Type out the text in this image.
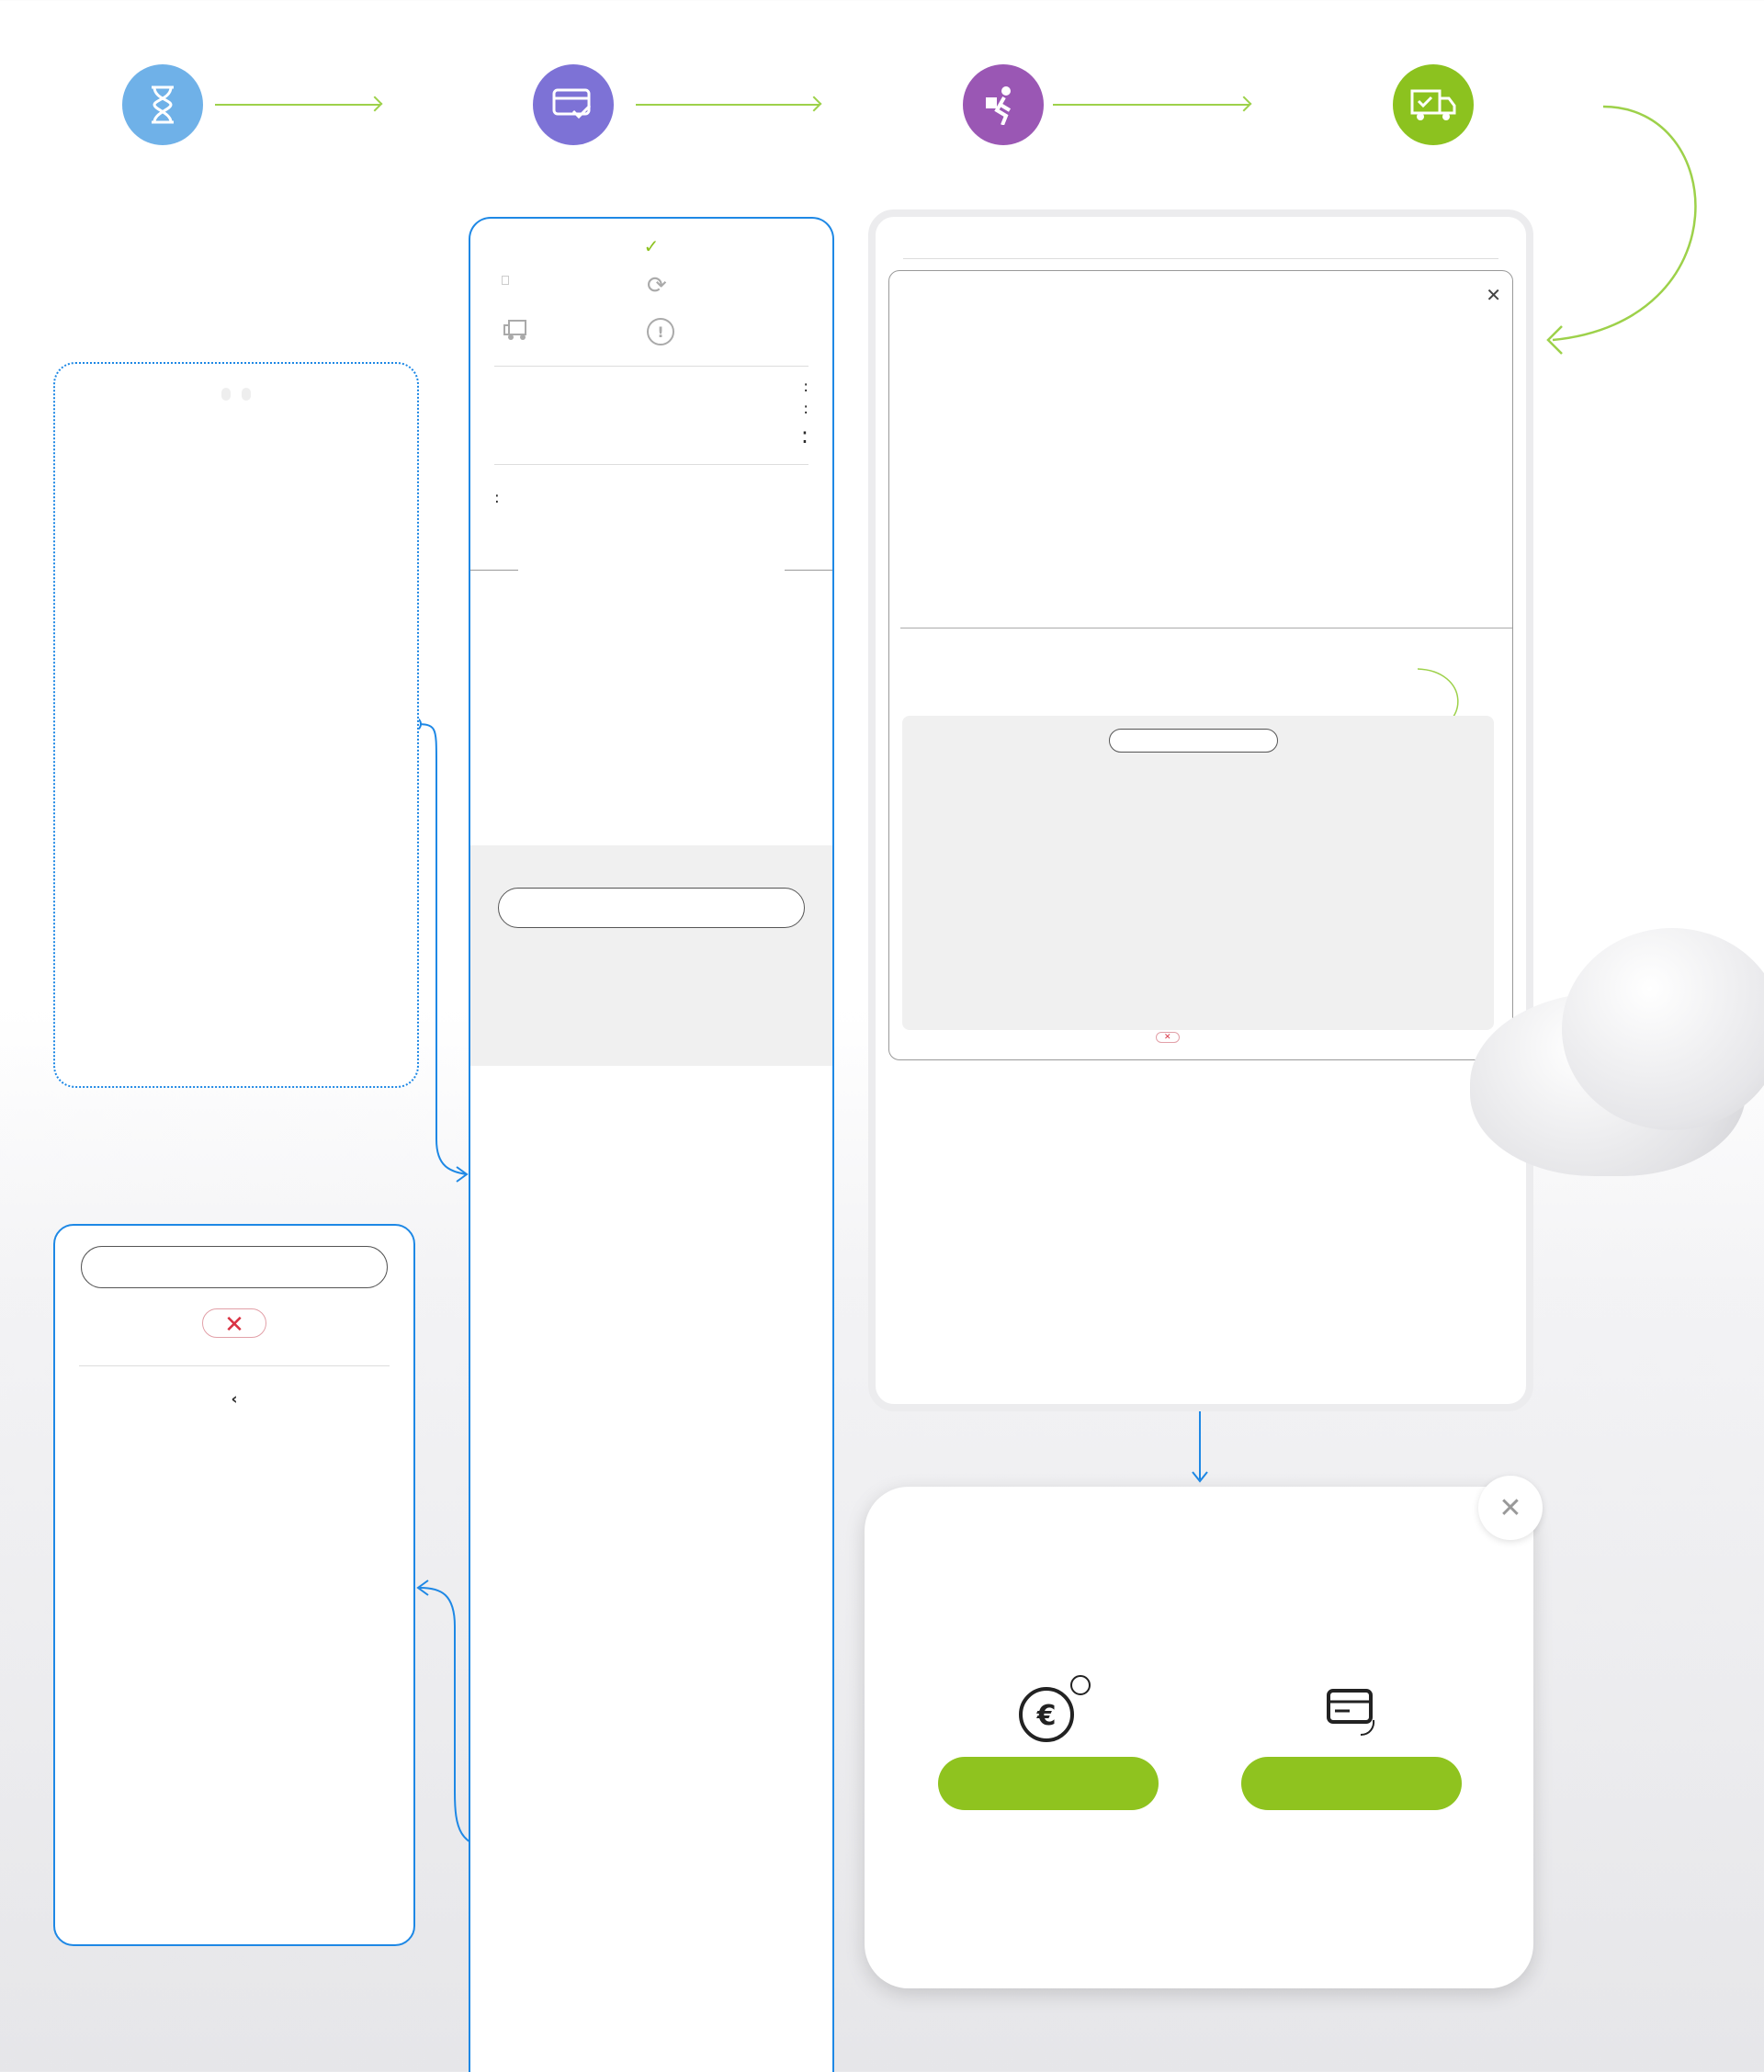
✓
⟳

!

:
:
:
:
✕
‹

✕
✕
✕
€
